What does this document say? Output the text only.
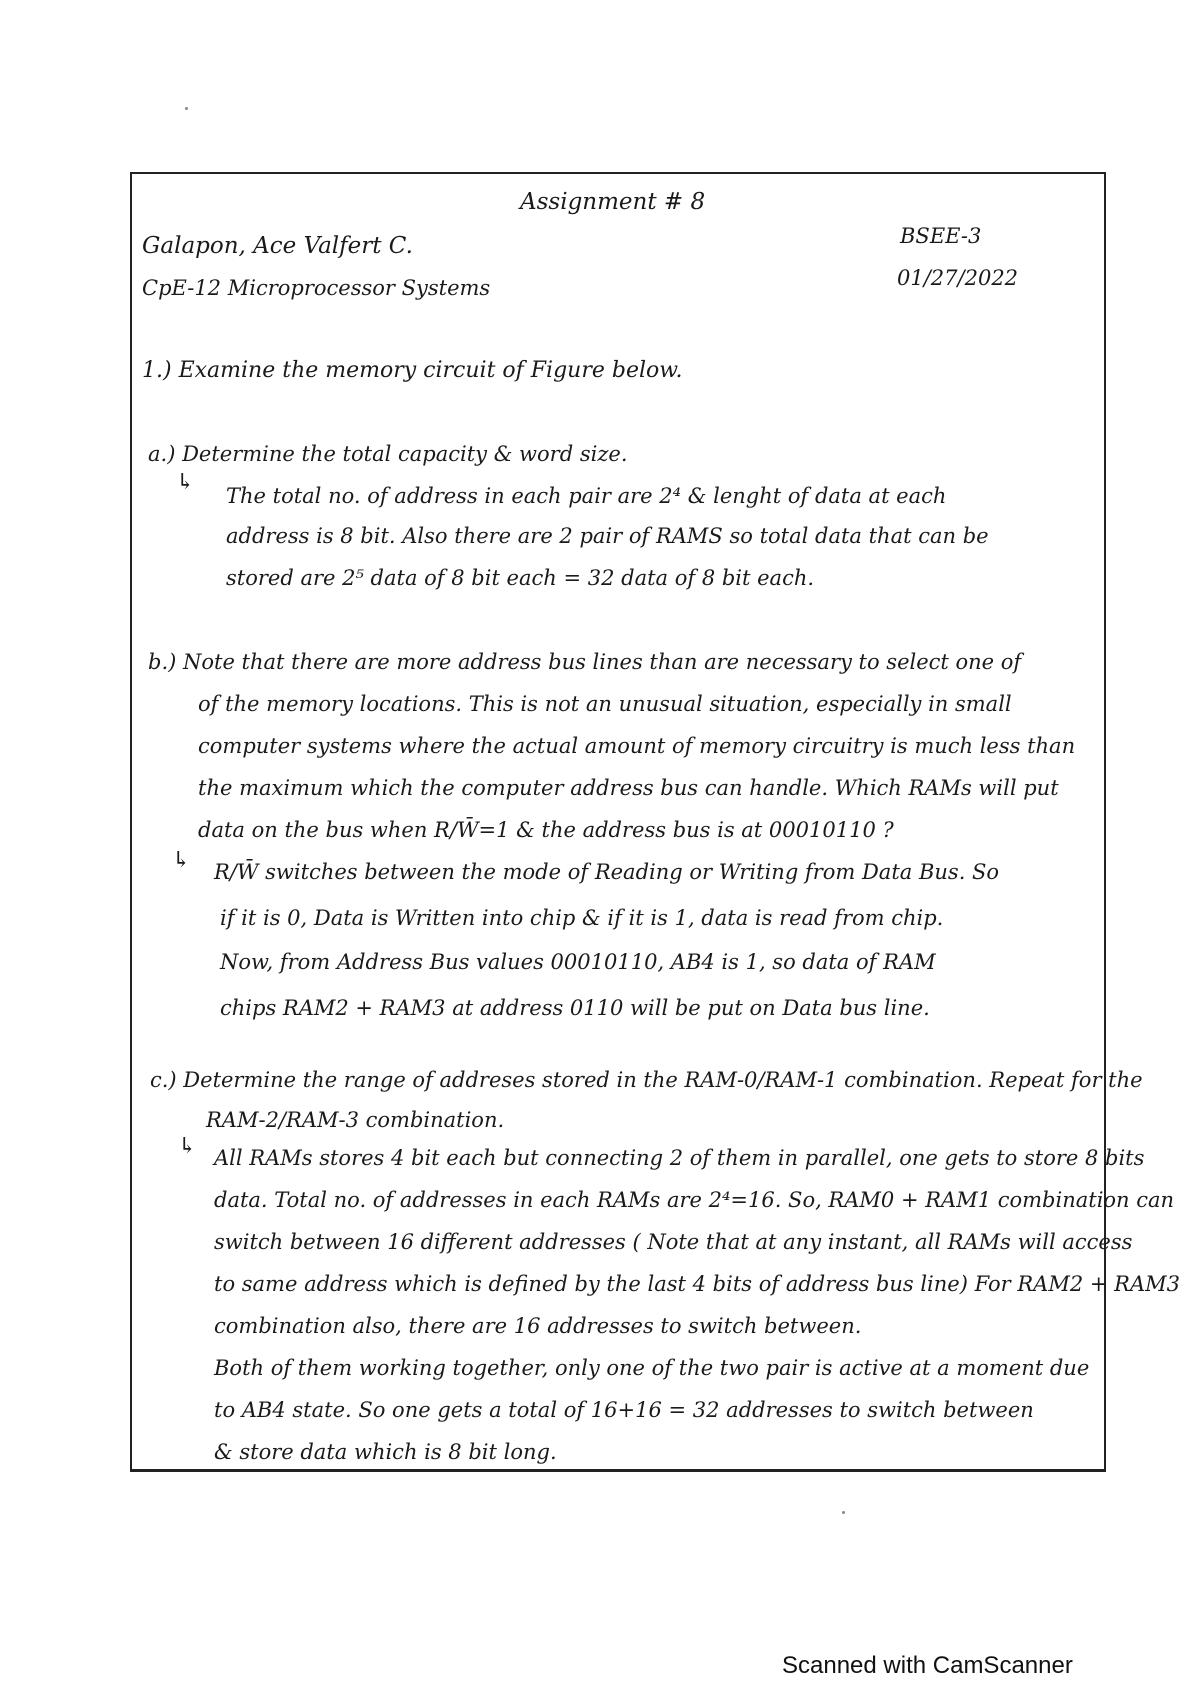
Assignment # 8
Galapon, Ace Valfert C.
CpE-12 Microprocessor Systems
BSEE-3
01/27/2022
1.) Examine the memory circuit of Figure below.
a.) Determine the total capacity & word size.
↳
The total no. of address in each pair are 2⁴ & lenght of data at each
address is 8 bit. Also there are 2 pair of RAMS so total data that can be
stored are 2⁵ data of 8 bit each = 32 data of 8 bit each.
b.) Note that there are more address bus lines than are necessary to select one of
of the memory locations. This is not an unusual situation, especially in small
computer systems where the actual amount of memory circuitry is much less than
the maximum which the computer address bus can handle. Which RAMs will put
data on the bus when R/W̄=1 & the address bus is at 00010110 ?
↳ R/W̄ switches between the mode of Reading or Writing from Data Bus. So
if it is 0, Data is Written into chip & if it is 1, data is read from chip.
Now, from Address Bus values 00010110, AB4 is 1, so data of RAM
chips RAM2 + RAM3 at address 0110 will be put on Data bus line.
c.) Determine the range of addreses stored in the RAM-0/RAM-1 combination. Repeat for the
RAM-2/RAM-3 combination.
↳ All RAMs stores 4 bit each but connecting 2 of them in parallel, one gets to store 8 bits
data. Total no. of addresses in each RAMs are 2⁴=16. So, RAM0 + RAM1 combination can
switch between 16 different addresses ( Note that at any instant, all RAMs will access
to same address which is defined by the last 4 bits of address bus line) For RAM2 + RAM3
combination also, there are 16 addresses to switch between.
Both of them working together, only one of the two pair is active at a moment due
to AB4 state. So one gets a total of 16+16 = 32 addresses to switch between
& store data which is 8 bit long.
Scanned with CamScanner
